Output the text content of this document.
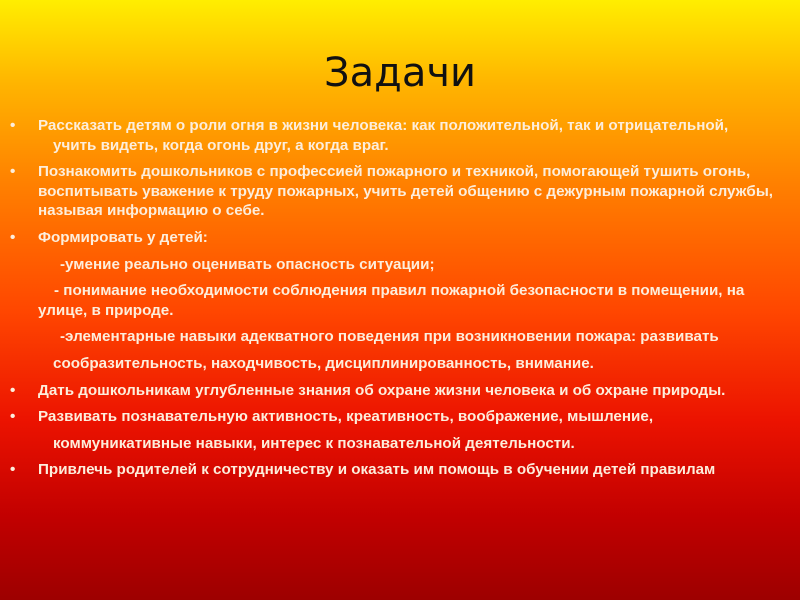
Задачи
• Рассказать детям о роли огня в жизни человека: как положительной, так и отрицательной,
учить видеть, когда огонь друг, а когда враг.
• Познакомить дошкольников с профессией пожарного и техникой, помогающей тушить огонь, воспитывать уважение к труду пожарных, учить детей общению с дежурным пожарной службы, называя информацию о себе.
• Формировать у детей:
-умение реально оценивать опасность ситуации;
- понимание необходимости соблюдения правил пожарной безопасности в помещении, на улице, в природе.
-элементарные навыки адекватного поведения при возникновении пожара: развивать
сообразительность, находчивость, дисциплинированность, внимание.
• Дать дошкольникам углубленные знания об охране жизни человека и об охране природы.
• Развивать познавательную активность, креативность, воображение, мышление,
коммуникативные навыки, интерес к познавательной деятельности.
• Привлечь родителей к сотрудничеству и оказать им помощь в обучении детей правилам
